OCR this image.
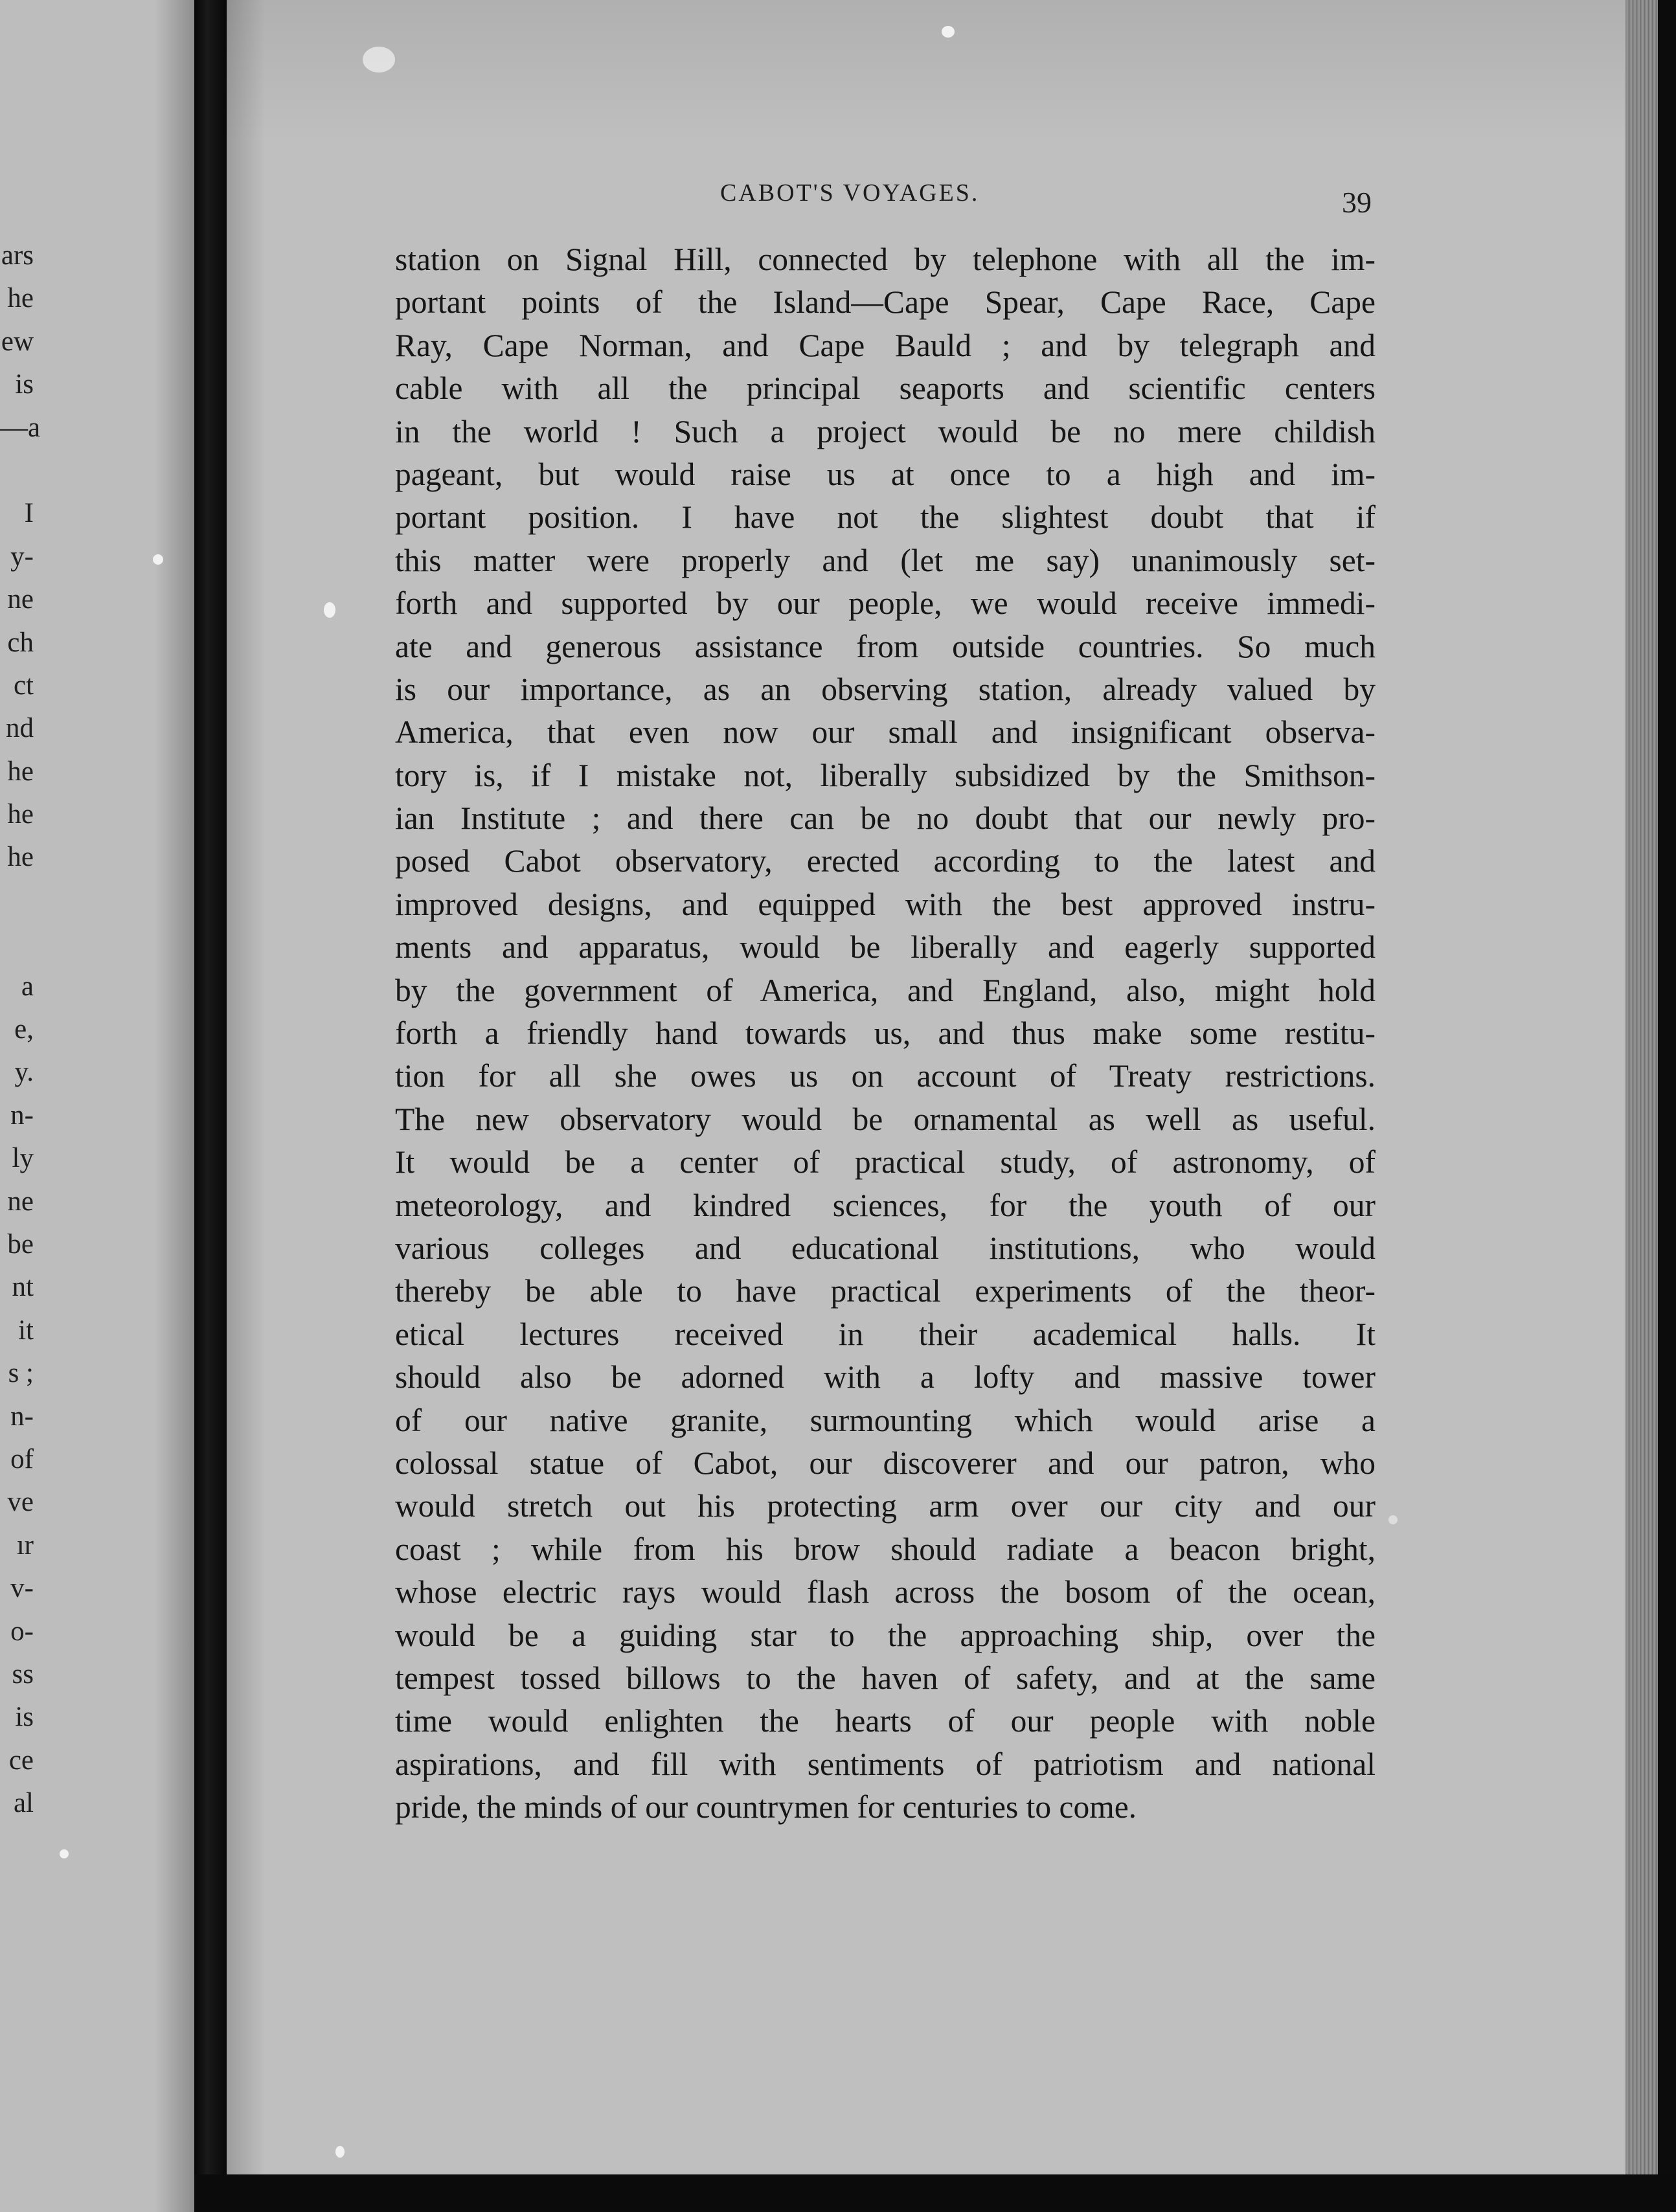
ars
he
ew
is
—a
I
y-
ne
ch
ct
nd
he
he
he
a
e,
y.
n-
ly
ne
be
nt
it
s ;
n-
of
ve
ır
v-
o-
ss
is
ce
al
CABOT'S VOYAGES.	39
station on Signal Hill, connected by telephone with all the im-
portant points of the Island—Cape Spear, Cape Race, Cape
Ray, Cape Norman, and Cape Bauld ; and by telegraph and
cable with all the principal seaports and scientific centers
in the world ! Such a project would be no mere childish
pageant, but would raise us at once to a high and im-
portant position. I have not the slightest doubt that if
this matter were properly and (let me say) unanimously set-
forth and supported by our people, we would receive immedi-
ate and generous assistance from outside countries. So much
is our importance, as an observing station, already valued by
America, that even now our small and insignificant observa-
tory is, if I mistake not, liberally subsidized by the Smithson-
ian Institute ; and there can be no doubt that our newly pro-
posed Cabot observatory, erected according to the latest and
improved designs, and equipped with the best approved instru-
ments and apparatus, would be liberally and eagerly supported
by the government of America, and England, also, might hold
forth a friendly hand towards us, and thus make some restitu-
tion for all she owes us on account of Treaty restrictions.
The new observatory would be ornamental as well as useful.
It would be a center of practical study, of astronomy, of
meteorology, and kindred sciences, for the youth of our
various colleges and educational institutions, who would
thereby be able to have practical experiments of the theor-
etical lectures received in their academical halls. It
should also be adorned with a lofty and massive tower
of our native granite, surmounting which would arise a
colossal statue of Cabot, our discoverer and our patron, who
would stretch out his protecting arm over our city and our
coast ; while from his brow should radiate a beacon bright,
whose electric rays would flash across the bosom of the ocean,
would be a guiding star to the approaching ship, over the
tempest tossed billows to the haven of safety, and at the same
time would enlighten the hearts of our people with noble
aspirations, and fill with sentiments of patriotism and national
pride, the minds of our countrymen for centuries to come.
